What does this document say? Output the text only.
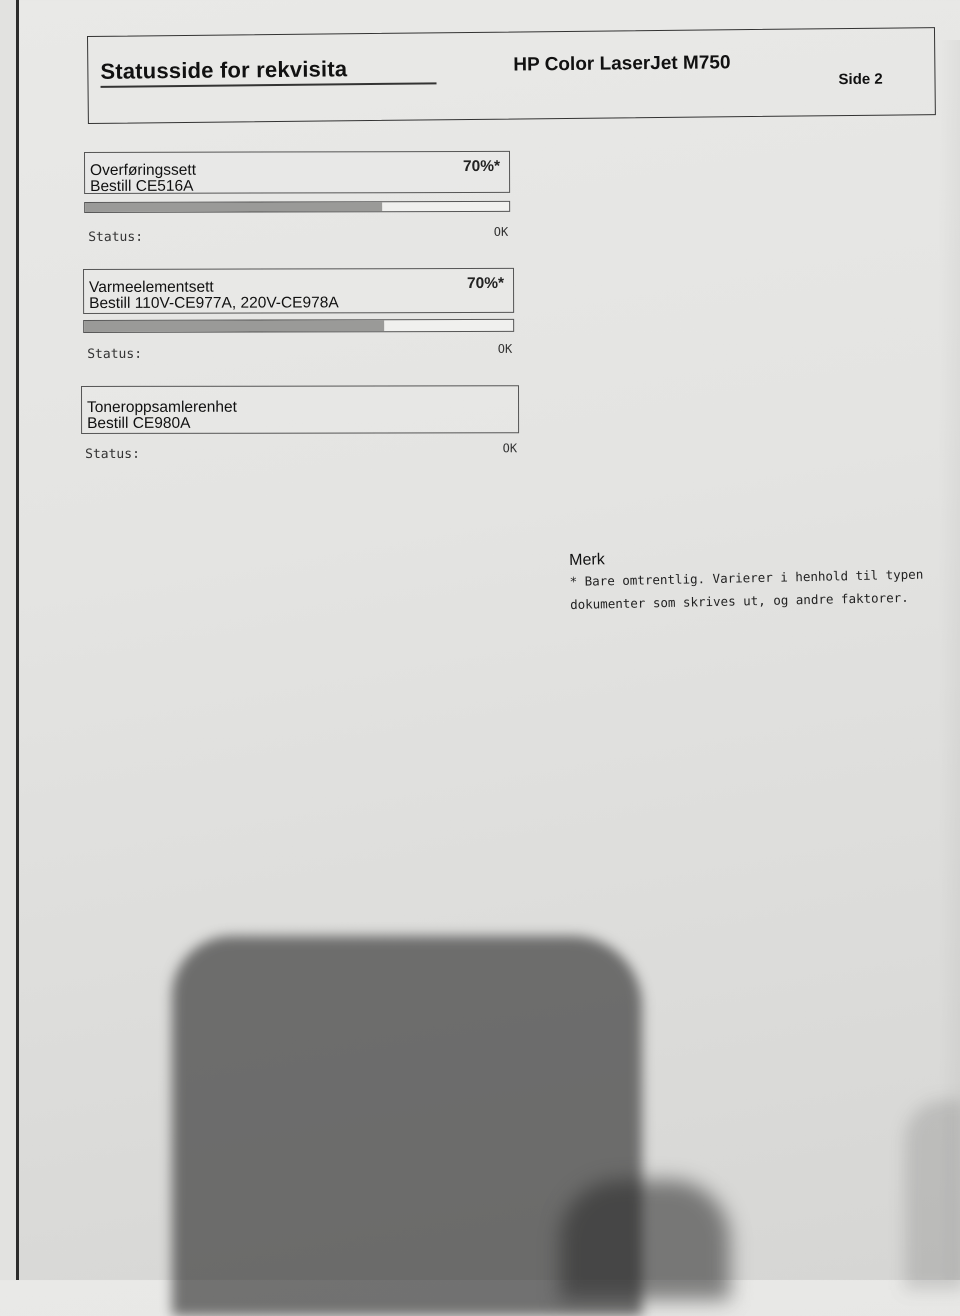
Statusside for rekvisita	HP Color LaserJet M750
Side 2
Overføringssett
Bestill CE516A
70%*
Status:	OK
Varmeelementsett
Bestill 110V-CE977A, 220V-CE978A
70%*
Status:	OK
Toneroppsamlerenhet
Bestill CE980A
Status:	OK
Merk
* Bare omtrentlig. Varierer i henhold til typen
dokumenter som skrives ut, og andre faktorer.
